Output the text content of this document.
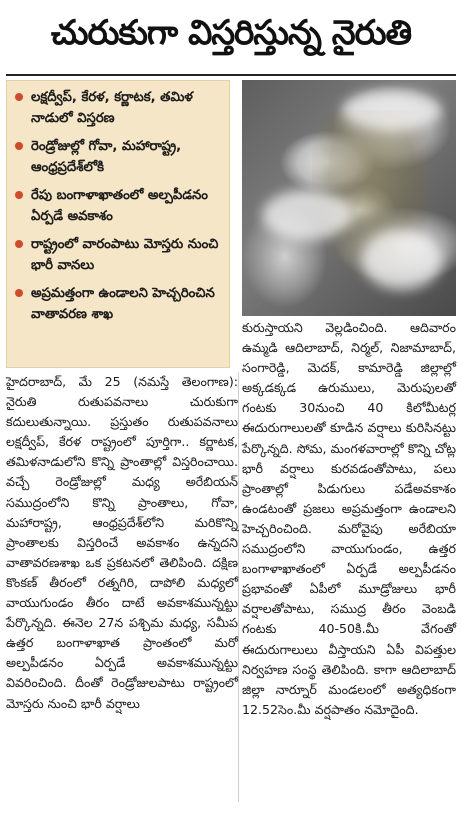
చురుకుగా విస్తరిస్తున్న నైరుతి
లక్షద్వీప్, కేరళ, కర్ణాటక, తమిళ నాడులో విస్తరణ
రెండ్రోజుల్లో గోవా, మహారాష్ట్ర, ఆంధ్రప్రదేశ్‌లోకి
రేపు బంగాళాఖాతంలో అల్పపీడనం ఏర్పడే అవకాశం
రాష్ట్రంలో వారంపాటు మోస్తరు నుంచి భారీ వానలు
అప్రమత్తంగా ఉండాలని హెచ్చరించిన వాతావరణ శాఖ

హైదరాబాద్, మే 25 (నమస్తే తెలంగాణ): నైరుతి రుతుపవనాలు చురుకుగా కదులుతున్నాయి. ప్రస్తుతం రుతుపవనాలు లక్షద్వీప్, కేరళ రాష్ట్రంలో పూర్తిగా.. కర్ణాటక, తమిళనాడులోని కొన్ని ప్రాంతాల్లో విస్తరించాయి. వచ్చే రెండ్రోజుల్లో మధ్య అరేబియన్ సముద్రంలోని కొన్ని ప్రాంతాలు, గోవా, మహారాష్ట్ర, ఆంధ్రప్రదేశ్‌లోని మరికొన్ని ప్రాంతాలకు విస్తరించే అవకాశం ఉన్నదని వాతావరణశాఖ ఒక ప్రకటనలో తెలిపింది. దక్షిణ కొంకణ్ తీరంలో రత్నగిరి, దాపోలి మధ్యలో వాయుగుండం తీరం దాటే అవకాశమున్నట్టు పేర్కొన్నది. ఈనెల 27న పశ్చిమ మధ్య, సమీప ఉత్తర బంగాళాఖాత ప్రాంతంలో మరో అల్పపీడనం ఏర్పడే అవకాశమున్నట్టు వివరించింది. దీంతో రెండ్రోజులపాటు రాష్ట్రంలో మోస్తరు నుంచి భారీ వర్షాలు

కురుస్తాయని వెల్లడించింది. ఆదివారం ఉమ్మడి ఆదిలాబాద్, నిర్మల్, నిజామాబాద్, సంగారెడ్డి, మెదక్, కామారెడ్డి జిల్లాల్లో అక్కడక్కడ ఉరుములు, మెరుపులతో గంటకు 30నుంచి 40 కిలోమీటర్ల ఈదురుగాలులతో కూడిన వర్షాలు కురిసినట్టు పేర్కొన్నది. సోమ, మంగళవారాల్లో కొన్ని చోట్ల భారీ వర్షాలు కురవడంతోపాటు, పలు ప్రాంతాల్లో పిడుగులు పడేఅవకాశం ఉండటంతో ప్రజలు అప్రమత్తంగా ఉండాలని హెచ్చరించింది. మరోవైపు అరేబియా సముద్రంలోని వాయుగుండం, ఉత్తర బంగాళాఖాతంలో ఏర్పడే అల్పపీడనం ప్రభావంతో ఏపీలో మూడ్రోజులు భారీ వర్షాలతోపాటు, సముద్ర తీరం వెంబడి గంటకు 40-50కి.మీ వేగంతో ఈదురుగాలులు వీస్తాయని ఏపీ విపత్తుల నిర్వహణ సంస్థ తెలిపింది. కాగా ఆదిలాబాద్ జిల్లా నార్నూర్ మండలంలో అత్యధికంగా 12.52సెం.మీ వర్షపాతం నమోదైంది.
